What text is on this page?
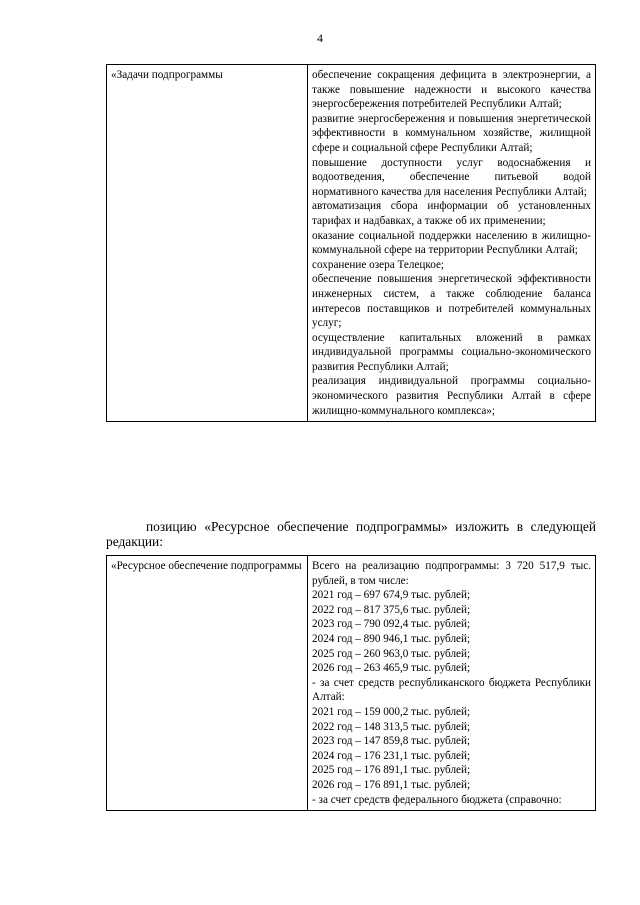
4
«Задачи подпрограммы	обеспечение сокращения дефицита в электроэнергии, а также повышение надежности и высокого качества энергосбережения потребителей Республики Алтай;
развитие энергосбережения и повышения энергетической эффективности в коммунальном хозяйстве, жилищной сфере и социальной сфере Республики Алтай;
повышение доступности услуг водоснабжения и водоотведения, обеспечение питьевой водой нормативного качества для населения Республики Алтай;
автоматизация сбора информации об установленных тарифах и надбавках, а также об их применении;
оказание социальной поддержки населению в жилищно-коммунальной сфере на территории Республики Алтай;
сохранение озера Телецкое;
обеспечение повышения энергетической эффективности инженерных систем, а также соблюдение баланса интересов поставщиков и потребителей коммунальных услуг;
осуществление капитальных вложений в рамках индивидуальной программы социально-экономического развития Республики Алтай;
реализация индивидуальной программы социально-экономического развития Республики Алтай в сфере жилищно-коммунального комплекса»;
позицию «Ресурсное обеспечение подпрограммы» изложить в следующей редакции:
«Ресурсное обеспечение подпрограммы	Всего на реализацию подпрограммы: 3 720 517,9 тыс. рублей, в том числе:
2021 год – 697 674,9 тыс. рублей;
2022 год – 817 375,6 тыс. рублей;
2023 год – 790 092,4 тыс. рублей;
2024 год – 890 946,1 тыс. рублей;
2025 год – 260 963,0 тыс. рублей;
2026 год – 263 465,9 тыс. рублей;
- за счет средств республиканского бюджета Республики Алтай:
2021 год – 159 000,2 тыс. рублей;
2022 год – 148 313,5 тыс. рублей;
2023 год – 147 859,8 тыс. рублей;
2024 год – 176 231,1 тыс. рублей;
2025 год – 176 891,1 тыс. рублей;
2026 год – 176 891,1 тыс. рублей;
- за счет средств федерального бюджета (справочно:
